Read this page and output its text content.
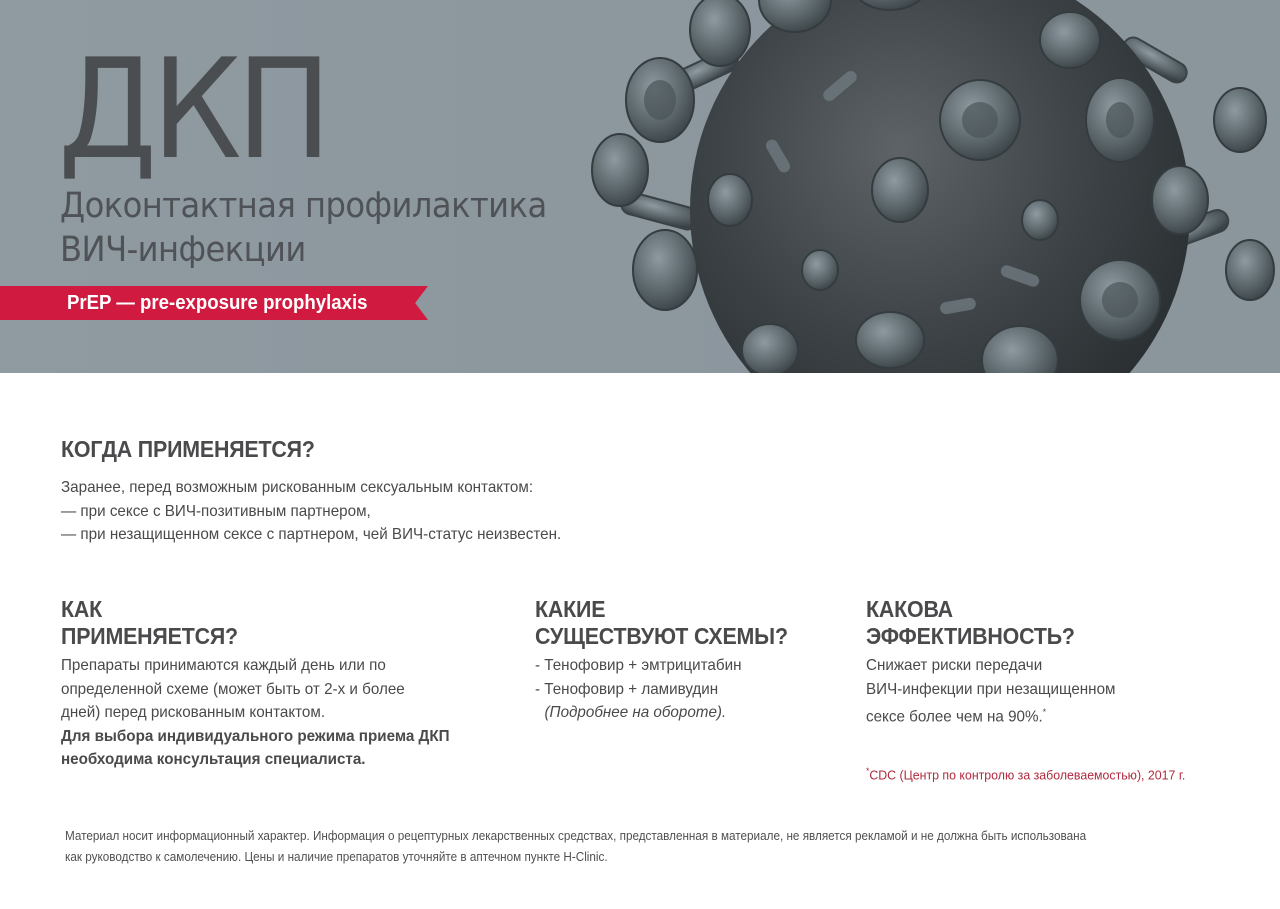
ДКП
Доконтактная профилактика
ВИЧ-инфекции
PrEP — pre-exposure prophylaxis
КОГДА ПРИМЕНЯЕТСЯ?
Заранее, перед возможным рискованным сексуальным контактом:
— при сексе с ВИЧ-позитивным партнером,
— при незащищенном сексе с партнером, чей ВИЧ-статус неизвестен.
КАК
ПРИМЕНЯЕТСЯ?
Препараты принимаются каждый день или по
определенной схеме (может быть от 2-х и более
дней) перед рискованным контактом.
Для выбора индивидуального режима приема ДКП
необходима консультация специалиста.
КАКИЕ
СУЩЕСТВУЮТ СХЕМЫ?
- Тенофовир + эмтрицитабин
- Тенофовир + ламивудин
(Подробнее на обороте).
КАКОВА
ЭФФЕКТИВНОСТЬ?
Снижает риски передачи
ВИЧ-инфекции при незащищенном
сексе более чем на 90%.*
*CDC (Центр по контролю за заболеваемостью), 2017 г.
Материал носит информационный характер. Информация о рецептурных лекарственных средствах, представленная в материале, не является рекламой и не должна быть использована
как руководство к самолечению. Цены и наличие препаратов уточняйте в аптечном пункте H-Clinic.
